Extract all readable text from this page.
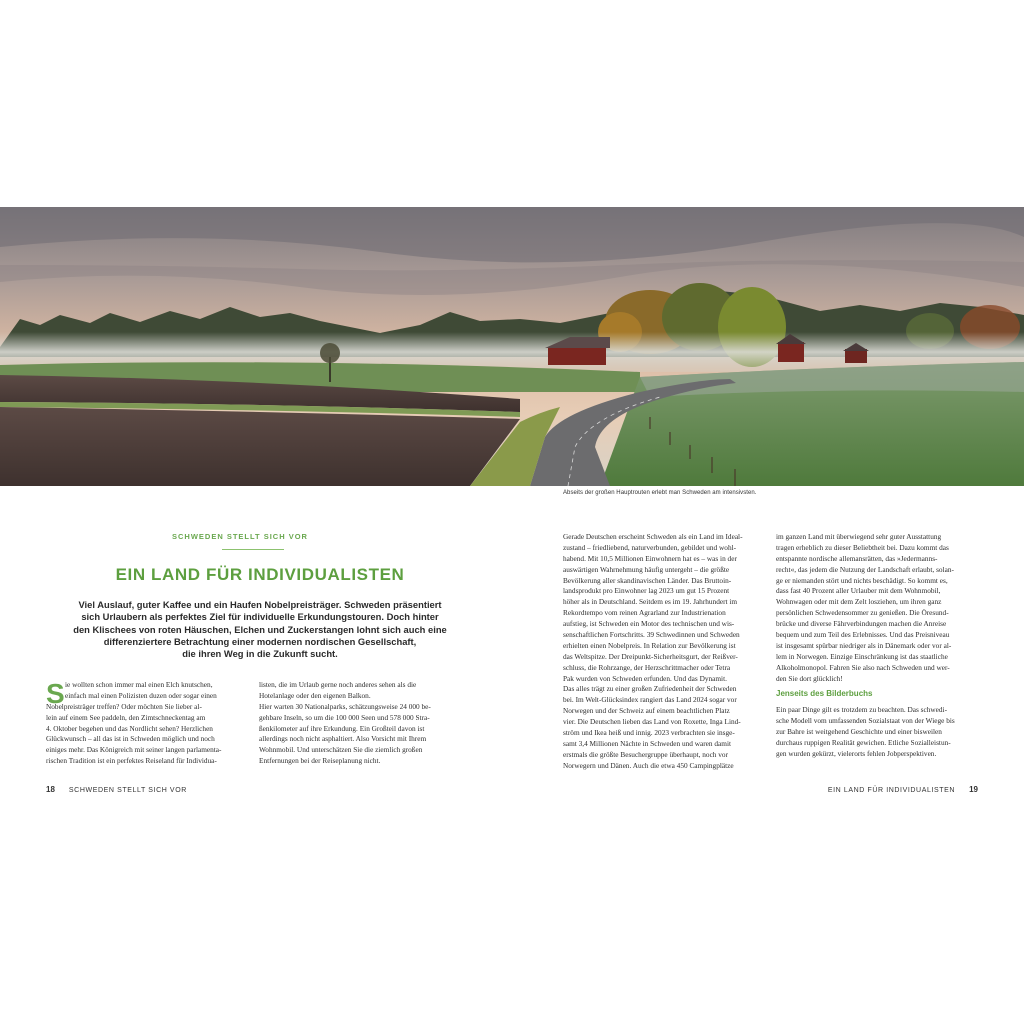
Abseits der großen Hauptrouten erlebt man Schweden am intensivsten.
SCHWEDEN STELLT SICH VOR
EIN LAND FÜR INDIVIDUALISTEN
Viel Auslauf, guter Kaffee und ein Haufen Nobelpreisträger. Schweden präsentiert
sich Urlaubern als perfektes Ziel für individuelle Erkundungstouren. Doch hinter
den Klischees von roten Häuschen, Elchen und Zuckerstangen lohnt sich auch eine
differenziertere Betrachtung einer modernen nordischen Gesellschaft,
die ihren Weg in die Zukunft sucht.
S ie wollten schon immer mal einen Elch knutschen,
einfach mal einen Polizisten duzen oder sogar einen
Nobelpreisträger treffen? Oder möchten Sie lieber al-
lein auf einem See paddeln, den Zimtschneckentag am
4. Oktober begehen und das Nordlicht sehen? Herzlichen
Glückwunsch – all das ist in Schweden möglich und noch
einiges mehr. Das Königreich mit seiner langen parlamenta-
rischen Tradition ist ein perfektes Reiseland für Individua-
listen, die im Urlaub gerne noch anderes sehen als die
Hotelanlage oder den eigenen Balkon.
Hier warten 30 Nationalparks, schätzungsweise 24 000 be-
gehbare Inseln, so um die 100 000 Seen und 578 000 Stra-
ßenkilometer auf ihre Erkundung. Ein Großteil davon ist
allerdings noch nicht asphaltiert. Also Vorsicht mit Ihrem
Wohnmobil. Und unterschätzen Sie die ziemlich großen
Entfernungen bei der Reiseplanung nicht.
18 SCHWEDEN STELLT SICH VOR
Gerade Deutschen erscheint Schweden als ein Land im Ideal-
zustand – friedliebend, naturverbunden, gebildet und wohl-
habend. Mit 10,5 Millionen Einwohnern hat es – was in der
auswärtigen Wahrnehmung häufig untergeht – die größte
Bevölkerung aller skandinavischen Länder. Das Bruttoin-
landsprodukt pro Einwohner lag 2023 um gut 15 Prozent
höher als in Deutschland. Seitdem es im 19. Jahrhundert im
Rekordtempo vom reinen Agrarland zur Industrienation
aufstieg, ist Schweden ein Motor des technischen und wis-
senschaftlichen Fortschritts. 39 Schwedinnen und Schweden
erhielten einen Nobelpreis. In Relation zur Bevölkerung ist
das Weltspitze. Der Dreipunkt-Sicherheitsgurt, der Reißver-
schluss, die Rohrzange, der Herzschrittmacher oder Tetra
Pak wurden von Schweden erfunden. Und das Dynamit.
Das alles trägt zu einer großen Zufriedenheit der Schweden
bei. Im Welt-Glücksindex rangiert das Land 2024 sogar vor
Norwegen und der Schweiz auf einem beachtlichen Platz
vier. Die Deutschen lieben das Land von Roxette, Inga Lind-
ström und Ikea heiß und innig. 2023 verbrachten sie insge-
samt 3,4 Millionen Nächte in Schweden und waren damit
erstmals die größte Besuchergruppe überhaupt, noch vor
Norwegern und Dänen. Auch die etwa 450 Campingplätze
im ganzen Land mit überwiegend sehr guter Ausstattung
tragen erheblich zu dieser Beliebtheit bei. Dazu kommt das
entspannte nordische allemansrätten, das »Jedermanns-
recht«, das jedem die Nutzung der Landschaft erlaubt, solan-
ge er niemanden stört und nichts beschädigt. So kommt es,
dass fast 40 Prozent aller Urlauber mit dem Wohnmobil,
Wohnwagen oder mit dem Zelt losziehen, um ihren ganz
persönlichen Schwedensommer zu genießen. Die Öresund-
brücke und diverse Fährverbindungen machen die Anreise
bequem und zum Teil des Erlebnisses. Und das Preisniveau
ist insgesamt spürbar niedriger als in Dänemark oder vor al-
lem in Norwegen. Einzige Einschränkung ist das staatliche
Alkoholmonopol. Fahren Sie also nach Schweden und wer-
den Sie dort glücklich!
Jenseits des Bilderbuchs
Ein paar Dinge gilt es trotzdem zu beachten. Das schwedi-
sche Modell vom umfassenden Sozialstaat von der Wiege bis
zur Bahre ist weitgehend Geschichte und einer bisweilen
durchaus ruppigen Realität gewichen. Etliche Sozialleistun-
gen wurden gekürzt, vielerorts fehlen Jobperspektiven.
EIN LAND FÜR INDIVIDUALISTEN 19
